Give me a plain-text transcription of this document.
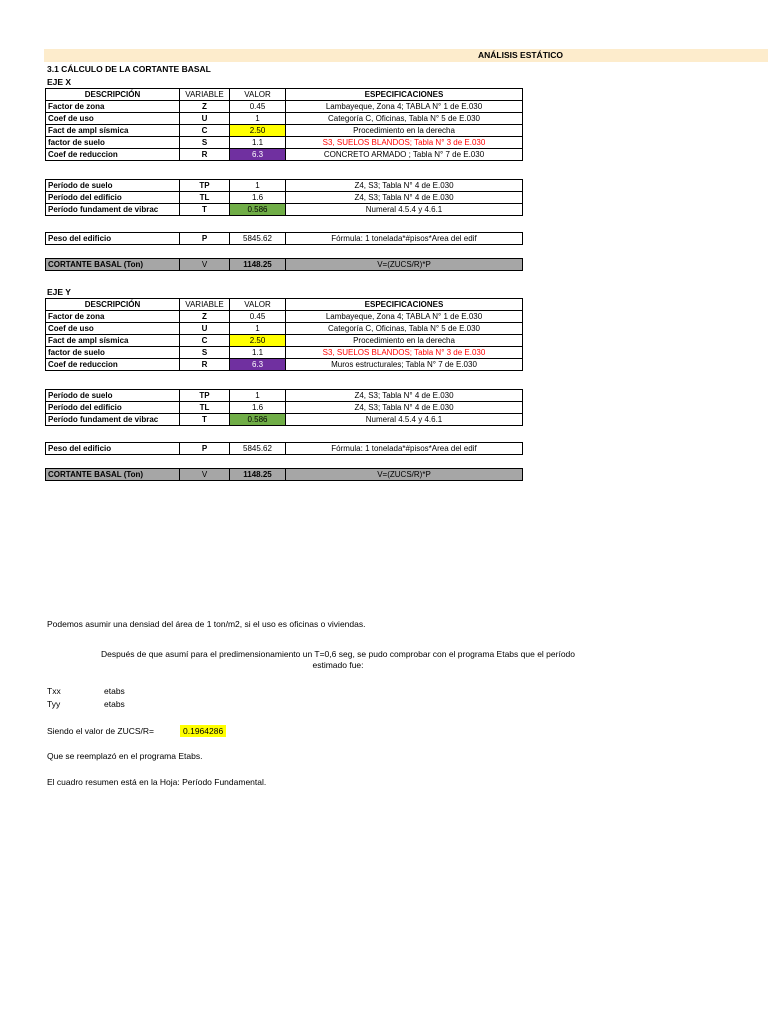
ANÁLISIS ESTÁTICO
3.1 CÁLCULO DE LA CORTANTE BASAL
EJE X
DESCRIPCIÓN	VARIABLE	VALOR	ESPECIFICACIONES
Factor de zona	Z	0.45	Lambayeque, Zona 4; TABLA N° 1 de E.030
Coef de uso	U	1	Categoría C, Oficinas, Tabla N° 5 de E.030
Fact de ampl sísmica	C	2.50	Procedimiento en la derecha
factor de suelo	S	1.1	S3, SUELOS BLANDOS; Tabla N° 3 de E.030
Coef de reduccion	R	6.3	CONCRETO ARMADO ; Tabla N° 7 de E.030
Período de suelo	TP	1	Z4, S3; Tabla N° 4 de E.030
Período del edificio	TL	1.6	Z4, S3; Tabla N° 4 de E.030
Período fundament de vibrac	T	0.586	Numeral 4.5.4 y 4.6.1
Peso del edificio	P	5845.62	Fórmula: 1 tonelada*#pisos*Area del edif
CORTANTE BASAL (Ton)	V	1148.25	V=(ZUCS/R)*P
EJE Y
DESCRIPCIÓN	VARIABLE	VALOR	ESPECIFICACIONES
Factor de zona	Z	0.45	Lambayeque, Zona 4; TABLA N° 1 de E.030
Coef de uso	U	1	Categoría C, Oficinas, Tabla N° 5 de E.030
Fact de ampl sísmica	C	2.50	Procedimiento en la derecha
factor de suelo	S	1.1	S3, SUELOS BLANDOS; Tabla N° 3 de E.030
Coef de reduccion	R	6.3	Muros estructurales; Tabla N° 7 de E.030
Período de suelo	TP	1	Z4, S3; Tabla N° 4 de E.030
Período del edificio	TL	1.6	Z4, S3; Tabla N° 4 de E.030
Período fundament de vibrac	T	0.586	Numeral 4.5.4 y 4.6.1
Peso del edificio	P	5845.62	Fórmula: 1 tonelada*#pisos*Area del edif
CORTANTE BASAL (Ton)	V	1148.25	V=(ZUCS/R)*P
Podemos asumir una densiad del área de 1 ton/m2, si el uso es oficinas o viviendas.
Después de que asumí para el predimensionamiento un T=0,6 seg, se pudo comprobar con el programa Etabs que el período
estimado fue:
Txx	etabs
Tyy	etabs
Siendo el valor de ZUCS/R=	0.1964286
Que se reemplazó en el programa Etabs.
El cuadro resumen está en la Hoja: Período Fundamental.
